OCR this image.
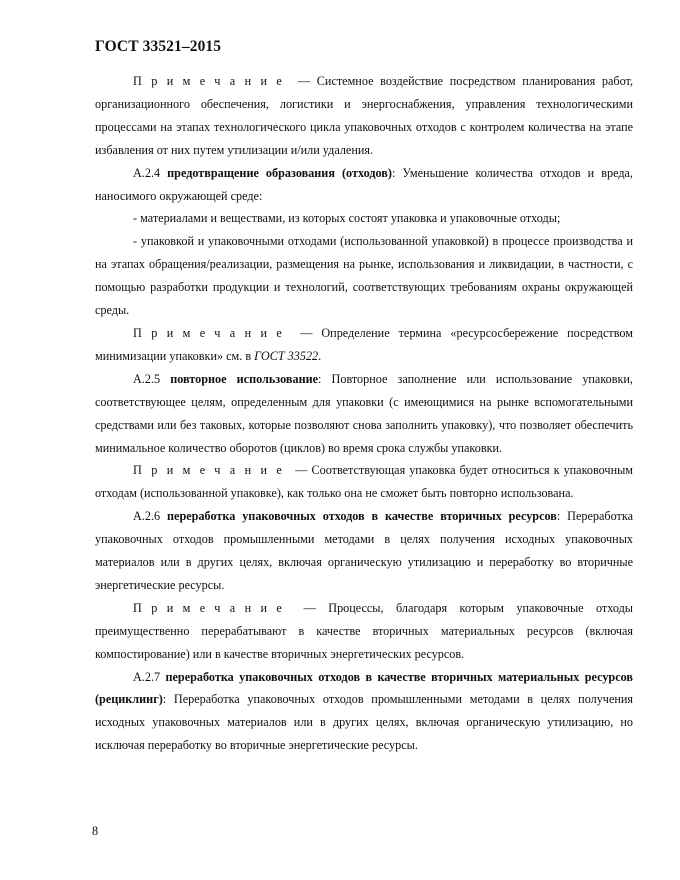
ГОСТ 33521–2015

Примечание — Системное воздействие посредством планирования работ, организационного обеспечения, логистики и энергоснабжения, управления технологическими процессами на этапах технологического цикла упаковочных отходов с контролем количества на этапе избавления от них путем утилизации и/или удаления.

А.2.4 предотвращение образования (отходов): Уменьшение количества отходов и вреда, наносимого окружающей среде:

- материалами и веществами, из которых состоят упаковка и упаковочные отходы;

- упаковкой и упаковочными отходами (использованной упаковкой) в процессе производства и на этапах обращения/реализации, размещения на рынке, использования и ликвидации, в частности, с помощью разработки продукции и технологий, соответствующих требованиям охраны окружающей среды.

Примечание — Определение термина «ресурсосбережение посредством минимизации упаковки» см. в ГОСТ 33522.

А.2.5 повторное использование: Повторное заполнение или использование упаковки, соответствующее целям, определенным для упаковки (с имеющимися на рынке вспомогательными средствами или без таковых, которые позволяют снова заполнить упаковку), что позволяет обеспечить минимальное количество оборотов (циклов) во время срока службы упаковки.

Примечание — Соответствующая упаковка будет относиться к упаковочным отходам (использованной упаковке), как только она не сможет быть повторно использована.

А.2.6 переработка упаковочных отходов в качестве вторичных ресурсов: Переработка упаковочных отходов промышленными методами в целях получения исходных упаковочных материалов или в других целях, включая органическую утилизацию и переработку во вторичные энергетические ресурсы.

Примечание — Процессы, благодаря которым упаковочные отходы преимущественно перерабатывают в качестве вторичных материальных ресурсов (включая компостирование) или в качестве вторичных энергетических ресурсов.

А.2.7 переработка упаковочных отходов в качестве вторичных материальных ресурсов (рециклинг): Переработка упаковочных отходов промышленными методами в целях получения исходных упаковочных материалов или в других целях, включая органическую утилизацию, но исключая переработку во вторичные энергетические ресурсы.

8
